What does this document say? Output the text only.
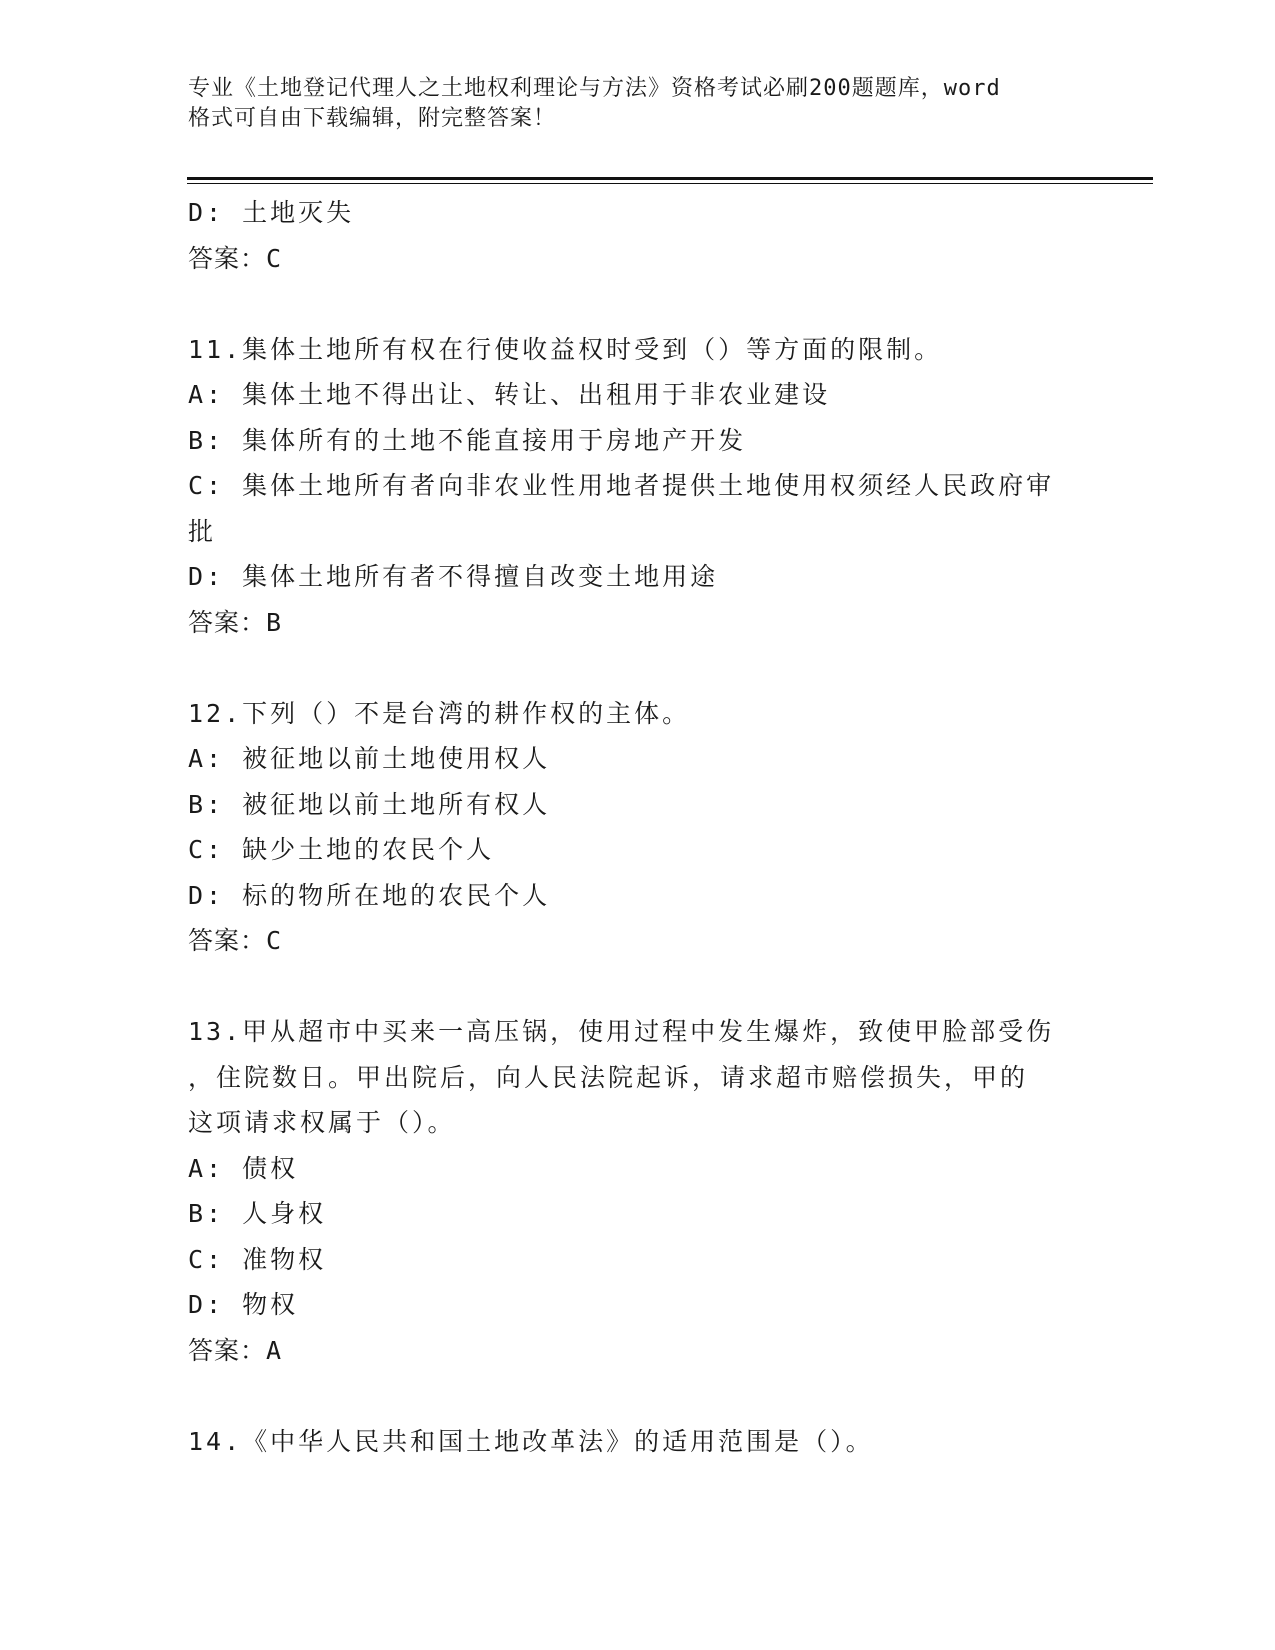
专业《土地登记代理人之土地权利理论与方法》资格考试必刷200题题库，word
格式可自由下载编辑，附完整答案！
D: 土地灭失
答案：C
11.集体土地所有权在行使收益权时受到（）等方面的限制。
A: 集体土地不得出让、转让、出租用于非农业建设
B: 集体所有的土地不能直接用于房地产开发
C: 集体土地所有者向非农业性用地者提供土地使用权须经人民政府审
批
D: 集体土地所有者不得擅自改变土地用途
答案：B
12.下列（）不是台湾的耕作权的主体。
A: 被征地以前土地使用权人
B: 被征地以前土地所有权人
C: 缺少土地的农民个人
D: 标的物所在地的农民个人
答案：C
13.甲从超市中买来一高压锅，使用过程中发生爆炸，致使甲脸部受伤
，住院数日。甲出院后，向人民法院起诉，请求超市赔偿损失，甲的
这项请求权属于（）。
A: 债权
B: 人身权
C: 准物权
D: 物权
答案：A
14.《中华人民共和国土地改革法》的适用范围是（）。
